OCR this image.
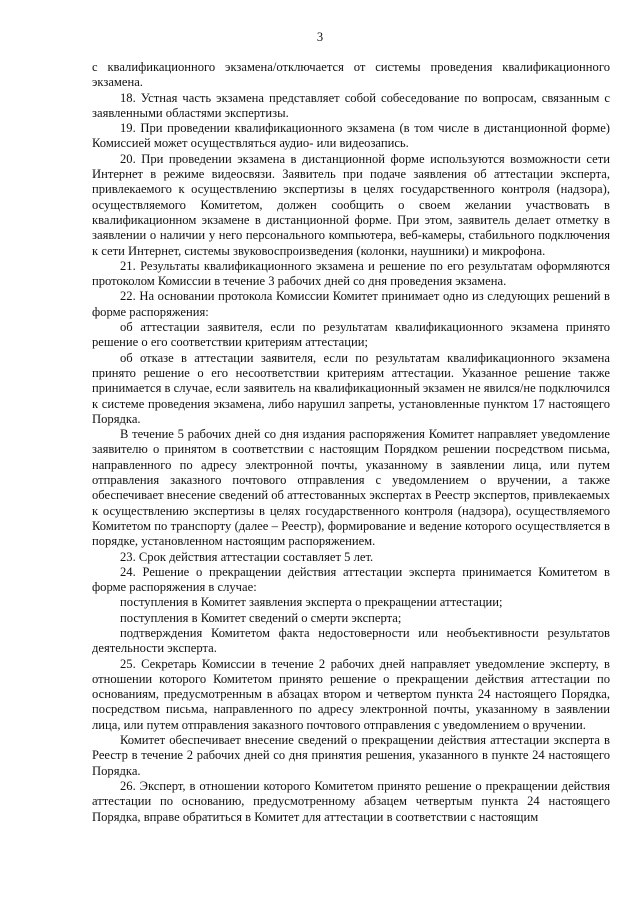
3

с квалификационного экзамена/отключается от системы проведения квалификационного экзамена.

18. Устная часть экзамена представляет собой собеседование по вопросам, связанным с заявленными областями экспертизы.

19. При проведении квалификационного экзамена (в том числе в дистанционной форме) Комиссией может осуществляться аудио- или видеозапись.

20. При проведении экзамена в дистанционной форме используются возможности сети Интернет в режиме видеосвязи. Заявитель при подаче заявления об аттестации эксперта, привлекаемого к осуществлению экспертизы в целях государственного контроля (надзора), осуществляемого Комитетом, должен сообщить о своем желании участвовать в квалификационном экзамене в дистанционной форме. При этом, заявитель делает отметку в заявлении о наличии у него персонального компьютера, веб-камеры, стабильного подключения к сети Интернет, системы звуковоспроизведения (колонки, наушники) и микрофона.

21. Результаты квалификационного экзамена и решение по его результатам оформляются протоколом Комиссии в течение 3 рабочих дней со дня проведения экзамена.

22. На основании протокола Комиссии Комитет принимает одно из следующих решений в форме распоряжения:

об аттестации заявителя, если по результатам квалификационного экзамена принято решение о его соответствии критериям аттестации;

об отказе в аттестации заявителя, если по результатам квалификационного экзамена принято решение о его несоответствии критериям аттестации. Указанное решение также принимается в случае, если заявитель на квалификационный экзамен не явился/не подключился к системе проведения экзамена, либо нарушил запреты, установленные пунктом 17 настоящего Порядка.

В течение 5 рабочих дней со дня издания распоряжения Комитет направляет уведомление заявителю о принятом в соответствии с настоящим Порядком решении посредством письма, направленного по адресу электронной почты, указанному в заявлении лица, или путем отправления заказного почтового отправления с уведомлением о вручении, а также обеспечивает внесение сведений об аттестованных экспертах в Реестр экспертов, привлекаемых к осуществлению экспертизы в целях государственного контроля (надзора), осуществляемого Комитетом по транспорту (далее – Реестр), формирование и ведение которого осуществляется в порядке, установленном настоящим распоряжением.

23. Срок действия аттестации составляет 5 лет.

24. Решение о прекращении действия аттестации эксперта принимается Комитетом в форме распоряжения в случае:

поступления в Комитет заявления эксперта о прекращении аттестации;

поступления в Комитет сведений о смерти эксперта;

подтверждения Комитетом факта недостоверности или необъективности результатов деятельности эксперта.

25. Секретарь Комиссии в течение 2 рабочих дней направляет уведомление эксперту, в отношении которого Комитетом принято решение о прекращении действия аттестации по основаниям, предусмотренным в абзацах втором и четвертом пункта 24 настоящего Порядка, посредством письма, направленного по адресу электронной почты, указанному в заявлении лица, или путем отправления заказного почтового отправления с уведомлением о вручении.

Комитет обеспечивает внесение сведений о прекращении действия аттестации эксперта в Реестр в течение 2 рабочих дней со дня принятия решения, указанного в пункте 24 настоящего Порядка.

26. Эксперт, в отношении которого Комитетом принято решение о прекращении действия аттестации по основанию, предусмотренному абзацем четвертым пункта 24 настоящего Порядка, вправе обратиться в Комитет для аттестации в соответствии с настоящим
